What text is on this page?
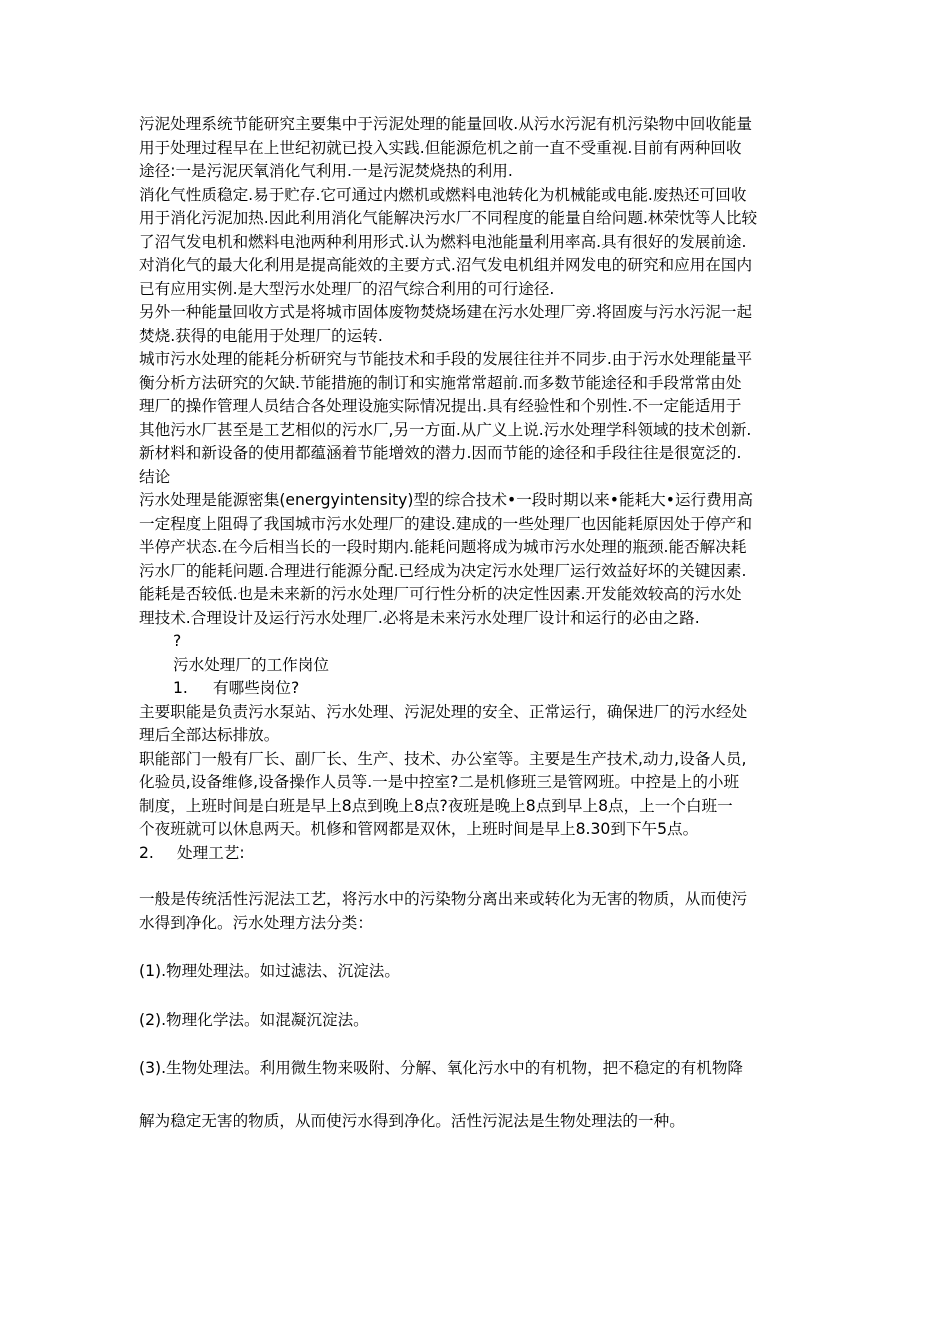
污泥处理系统节能研究主要集中于污泥处理的能量回收.从污水污泥有机污染物中回收能量
用于处理过程早在上世纪初就已投入实践.但能源危机之前一直不受重视.目前有两种回收
途径:一是污泥厌氧消化气利用.一是污泥焚烧热的利用.
消化气性质稳定.易于贮存.它可通过内燃机或燃料电池转化为机械能或电能.废热还可回收
用于消化污泥加热.因此利用消化气能解决污水厂不同程度的能量自给问题.林荣忱等人比较
了沼气发电机和燃料电池两种利用形式.认为燃料电池能量利用率高.具有很好的发展前途.
对消化气的最大化利用是提高能效的主要方式.沼气发电机组并网发电的研究和应用在国内
已有应用实例.是大型污水处理厂的沼气综合利用的可行途径.
另外一种能量回收方式是将城市固体废物焚烧场建在污水处理厂旁.将固废与污水污泥一起
焚烧.获得的电能用于处理厂的运转.
城市污水处理的能耗分析研究与节能技术和手段的发展往往并不同步.由于污水处理能量平
衡分析方法研究的欠缺.节能措施的制订和实施常常超前.而多数节能途径和手段常常由处
理厂的操作管理人员结合各处理设施实际情况提出.具有经验性和个别性.不一定能适用于
其他污水厂甚至是工艺相似的污水厂,另一方面.从广义上说.污水处理学科领域的技术创新.
新材料和新设备的使用都蕴涵着节能增效的潜力.因而节能的途径和手段往往是很宽泛的.
结论
污水处理是能源密集(energyintensity)型的综合技术•一段时期以来•能耗大•运行费用高
一定程度上阻碍了我国城市污水处理厂的建设.建成的一些处理厂也因能耗原因处于停产和
半停产状态.在今后相当长的一段时期内.能耗问题将成为城市污水处理的瓶颈.能否解决耗
污水厂的能耗问题.合理进行能源分配.已经成为决定污水处理厂运行效益好坏的关键因素.
能耗是否较低.也是未来新的污水处理厂可行性分析的决定性因素.开发能效较高的污水处
理技术.合理设计及运行污水处理厂.必将是未来污水处理厂设计和运行的必由之路.
?
污水处理厂的工作岗位
1.	有哪些岗位?
主要职能是负责污水泵站、污水处理、污泥处理的安全、正常运行，确保进厂的污水经处
理后全部达标排放。
职能部门一般有厂长、副厂长、生产、技术、办公室等。主要是生产技术,动力,设备人员,
化验员,设备维修,设备操作人员等.一是中控室?二是机修班三是管网班。中控是上的小班
制度，上班时间是白班是早上8点到晚上8点?夜班是晚上8点到早上8点，上一个白班一
个夜班就可以休息两天。机修和管网都是双休，上班时间是早上8.30到下午5点。
2.	处理工艺:
一般是传统活性污泥法工艺，将污水中的污染物分离出来或转化为无害的物质，从而使污
水得到净化。污水处理方法分类：
(1).物理处理法。如过滤法、沉淀法。
(2).物理化学法。如混凝沉淀法。
(3).生物处理法。利用微生物来吸附、分解、氧化污水中的有机物，把不稳定的有机物降
解为稳定无害的物质，从而使污水得到净化。活性污泥法是生物处理法的一种。
